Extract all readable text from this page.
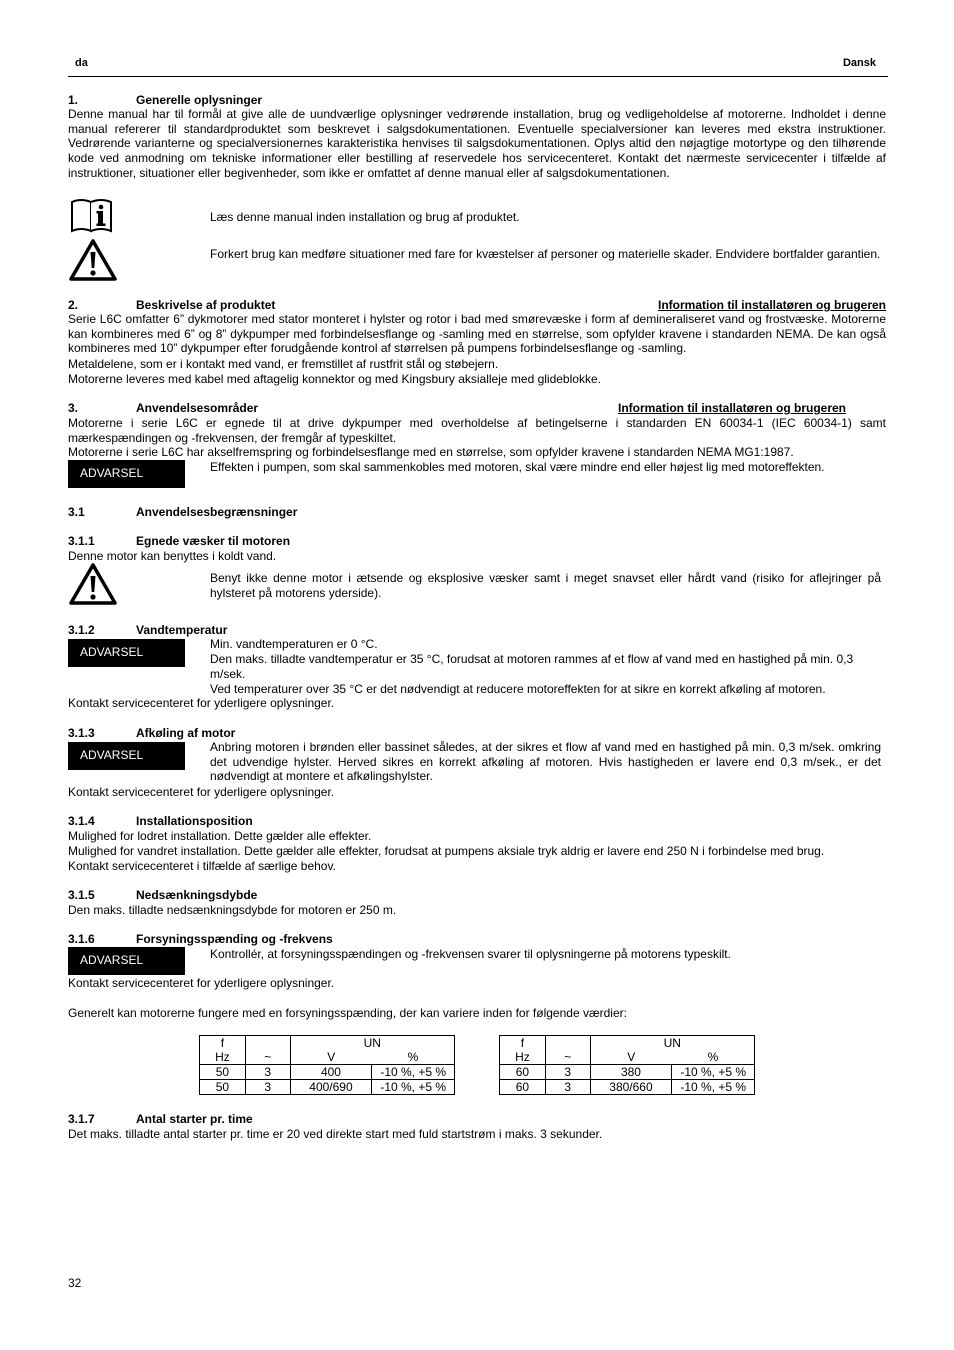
da	Dansk
1.	Generelle oplysninger
Denne manual har til formål at give alle de uundværlige oplysninger vedrørende installation, brug og vedligeholdelse af motorerne. Indholdet i denne manual refererer til standardproduktet som beskrevet i salgsdokumentationen. Eventuelle specialversioner kan leveres med ekstra instruktioner. Vedrørende varianterne og specialversionernes karakteristika henvises til salgsdokumentationen. Oplys altid den nøjagtige motortype og den tilhørende kode ved anmodning om tekniske informationer eller bestilling af reservedele hos servicecenteret. Kontakt det nærmeste servicecenter i tilfælde af instruktioner, situationer eller begivenheder, som ikke er omfattet af denne manual eller af salgsdokumentationen.
Læs denne manual inden installation og brug af produktet.
Forkert brug kan medføre situationer med fare for kvæstelser af personer og materielle skader. Endvidere bortfalder garantien.
2.	Beskrivelse af produktet	Information til installatøren og brugeren
Serie L6C omfatter 6” dykmotorer med stator monteret i hylster og rotor i bad med smørevæske i form af demineraliseret vand og frostvæske. Motorerne kan kombineres med 6” og 8” dykpumper med forbindelsesflange og -samling med en størrelse, som opfylder kravene i standarden NEMA. De kan også kombineres med 10” dykpumper efter forudgående kontrol af størrelsen på pumpens forbindelsesflange og -samling.
Metaldelene, som er i kontakt med vand, er fremstillet af rustfrit stål og støbejern.
Motorerne leveres med kabel med aftagelig konnektor og med Kingsbury aksialleje med glideblokke.
3.	Anvendelsesområder	Information til installatøren og brugeren
Motorerne i serie L6C er egnede til at drive dykpumper med overholdelse af betingelserne i standarden EN 60034-1 (IEC 60034-1) samt mærkespændingen og -frekvensen, der fremgår af typeskiltet.
Motorerne i serie L6C har akselfremspring og forbindelsesflange med en størrelse, som opfylder kravene i standarden NEMA MG1:1987.
ADVARSEL	Effekten i pumpen, som skal sammenkobles med motoren, skal være mindre end eller højest lig med motoreffekten.
3.1	Anvendelsesbegrænsninger
3.1.1	Egnede væsker til motoren
Denne motor kan benyttes i koldt vand.
Benyt ikke denne motor i ætsende og eksplosive væsker samt i meget snavset eller hårdt vand (risiko for aflejringer på hylsteret på motorens yderside).
3.1.2	Vandtemperatur
ADVARSEL
Min. vandtemperaturen er 0 °C.
Den maks. tilladte vandtemperatur er 35 °C, forudsat at motoren rammes af et flow af vand med en hastighed på min. 0,3 m/sek.
Ved temperaturer over 35 °C er det nødvendigt at reducere motoreffekten for at sikre en korrekt afkøling af motoren.
Kontakt servicecenteret for yderligere oplysninger.
3.1.3	Afkøling af motor
ADVARSEL
Anbring motoren i brønden eller bassinet således, at der sikres et flow af vand med en hastighed på min. 0,3 m/sek. omkring det udvendige hylster. Herved sikres en korrekt afkøling af motoren. Hvis hastigheden er lavere end 0,3 m/sek., er det nødvendigt at montere et afkølingshylster.
Kontakt servicecenteret for yderligere oplysninger.
3.1.4	Installationsposition
Mulighed for lodret installation. Dette gælder alle effekter.
Mulighed for vandret installation. Dette gælder alle effekter, forudsat at pumpens aksiale tryk aldrig er lavere end 250 N i forbindelse med brug.
Kontakt servicecenteret i tilfælde af særlige behov.
3.1.5	Nedsænkningsdybde
Den maks. tilladte nedsænkningsdybde for motoren er 250 m.
3.1.6	Forsyningsspænding og -frekvens
ADVARSEL	Kontrollér, at forsyningsspændingen og -frekvensen svarer til oplysningerne på motorens typeskilt.
Kontakt servicecenteret for yderligere oplysninger.
Generelt kan motorerne fungere med en forsyningsspænding, der kan variere inden for følgende værdier:
f		UN	
Hz	~	V	%
50	3	400	-10 %, +5 %
50	3	400/690	-10 %, +5 %
f		UN	
Hz	~	V	%
60	3	380	-10 %, +5 %
60	3	380/660	-10 %, +5 %
3.1.7	Antal starter pr. time
Det maks. tilladte antal starter pr. time er 20 ved direkte start med fuld startstrøm i maks. 3 sekunder.
32
